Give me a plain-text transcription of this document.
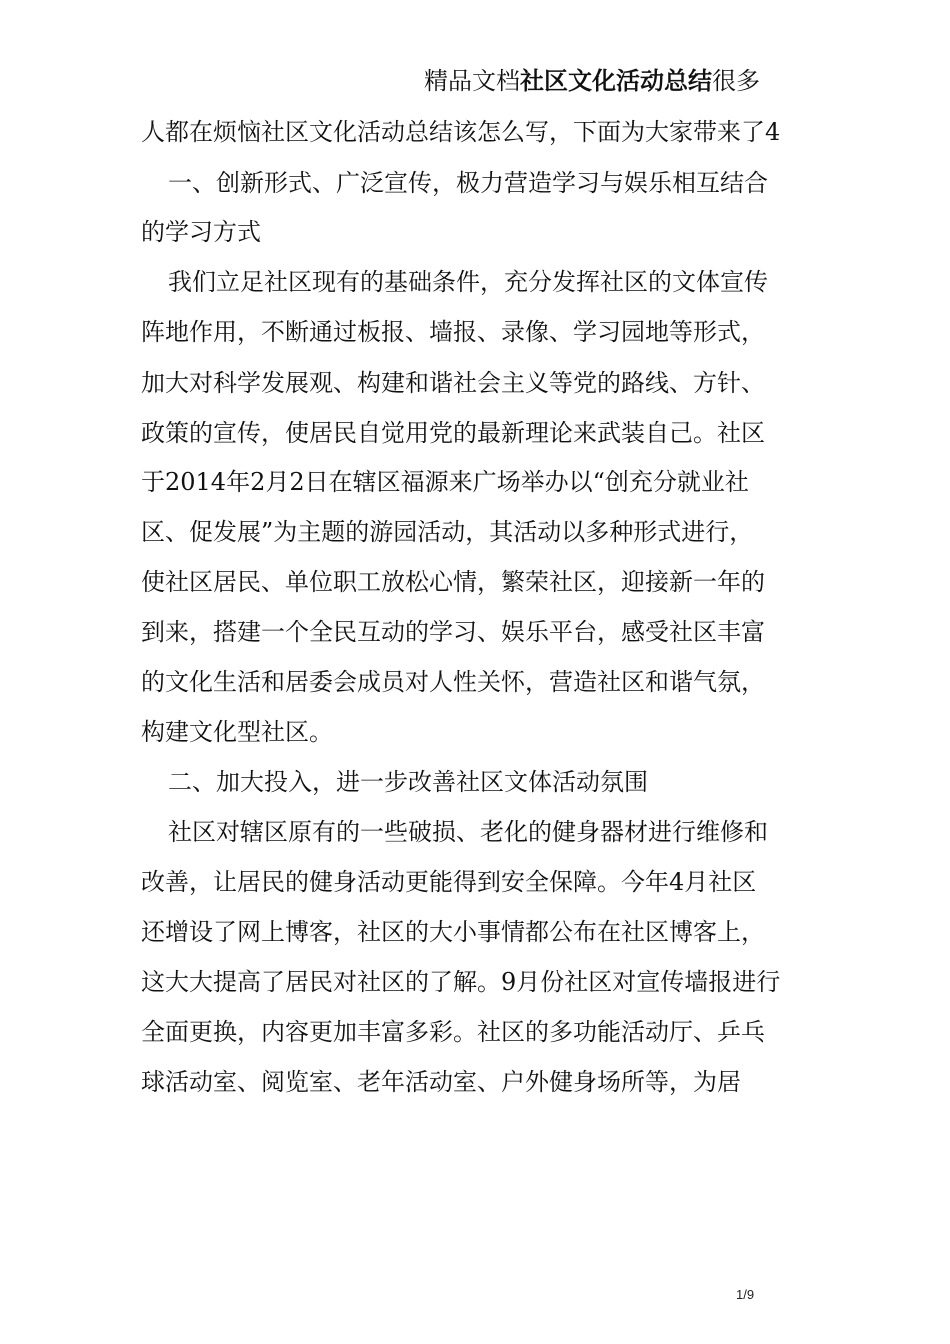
精品文档社区文化活动总结很多
人都在烦恼社区文化活动总结该怎么写，下面为大家带来了4
一、创新形式、广泛宣传，极力营造学习与娱乐相互结合
的学习方式
我们立足社区现有的基础条件，充分发挥社区的文体宣传
阵地作用，不断通过板报、墙报、录像、学习园地等形式，
加大对科学发展观、构建和谐社会主义等党的路线、方针、
政策的宣传，使居民自觉用党的最新理论来武装自己。社区
于2014年2月2日在辖区福源来广场举办以“创充分就业社
区、促发展”为主题的游园活动，其活动以多种形式进行，
使社区居民、单位职工放松心情，繁荣社区，迎接新一年的
到来，搭建一个全民互动的学习、娱乐平台，感受社区丰富
的文化生活和居委会成员对人性关怀，营造社区和谐气氛，
构建文化型社区。
二、加大投入，进一步改善社区文体活动氛围
社区对辖区原有的一些破损、老化的健身器材进行维修和
改善，让居民的健身活动更能得到安全保障。今年4月社区
还增设了网上博客，社区的大小事情都公布在社区博客上，
这大大提高了居民对社区的了解。9月份社区对宣传墙报进行
全面更换，内容更加丰富多彩。社区的多功能活动厅、乒乓
球活动室、阅览室、老年活动室、户外健身场所等，为居
1/9
